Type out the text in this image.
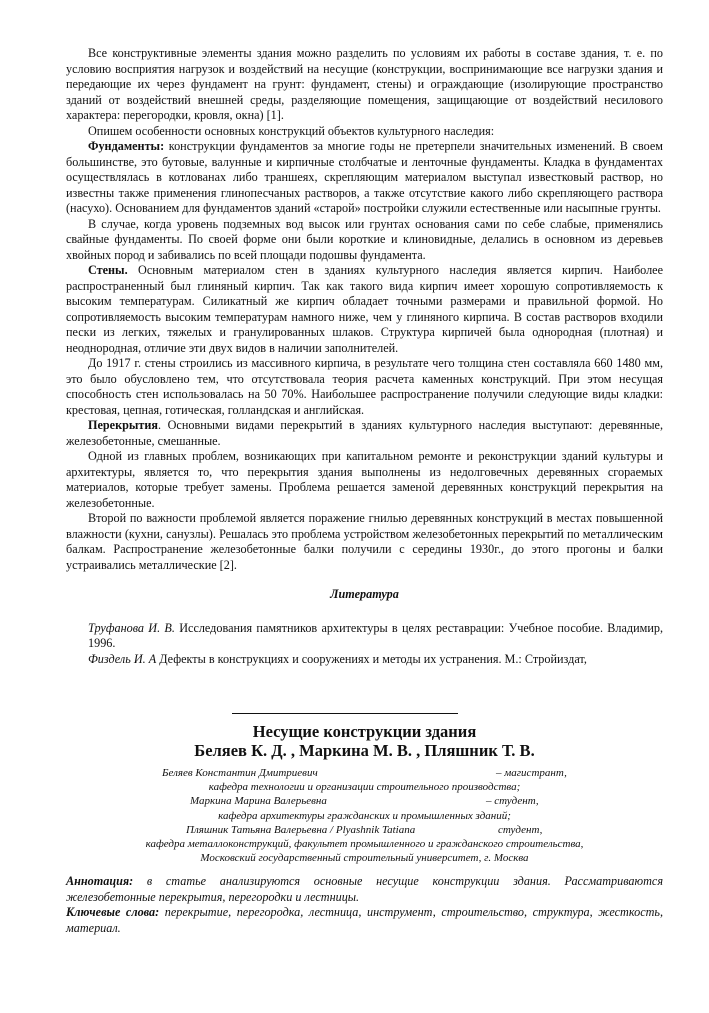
Все конструктивные элементы здания можно разделить по условиям их работы в составе здания, т. е. по условию восприятия нагрузок и воздействий на несущие (конструкции, воспринимающие все нагрузки здания и передающие их через фундамент на грунт: фундамент, стены) и ограждающие (изолирующие пространство зданий от воздействий внешней среды, разделяющие помещения, защищающие от воздействий несилового характера: перегородки, кровля, окна) [1].

Опишем особенности основных конструкций объектов культурного наследия:

Фундаменты: конструкции фундаментов за многие годы не претерпели значительных изменений. В своем большинстве, это бутовые, валунные и кирпичные столбчатые и ленточные фундаменты. Кладка в фундаментах осуществлялась в котлованах либо траншеях, скрепляющим материалом выступал известковый раствор, но известны также применения глинопесчаных растворов, а также отсутствие какого либо скрепляющего раствора (насухо). Основанием для фундаментов зданий «старой» постройки служили естественные или насыпные грунты.

В случае, когда уровень подземных вод высок или грунтах основания сами по себе слабые, применялись свайные фундаменты. По своей форме они были короткие и клиновидные, делались в основном из деревьев хвойных пород и забивались по всей площади подошвы фундамента.

Стены. Основным материалом стен в зданиях культурного наследия является кирпич. Наиболее распространенный был глиняный кирпич. Так как такого вида кирпич имеет хорошую сопротивляемость к высоким температурам. Силикатный же кирпич обладает точными размерами и правильной формой. Но сопротивляемость высоким температурам намного ниже, чем у глиняного кирпича. В состав растворов входили пески из легких, тяжелых и гранулированных шлаков. Структура кирпичей была однородная (плотная) и неоднородная, отличие эти двух видов в наличии заполнителей.

До 1917 г. стены строились из массивного кирпича, в результате чего толщина стен составляла 660 1480 мм, это было обусловлено тем, что отсутствовала теория расчета каменных конструкций. При этом несущая способность стен использовалась на 50 70%. Наибольшее распространение получили следующие виды кладки: крестовая, цепная, готическая, голландская и английская.

Перекрытия. Основными видами перекрытий в зданиях культурного наследия выступают: деревянные, железобетонные, смешанные.

Одной из главных проблем, возникающих при капитальном ремонте и реконструкции зданий культуры и архитектуры, является то, что перекрытия здания выполнены из недолговечных деревянных сгораемых материалов, которые требует замены. Проблема решается заменой деревянных конструкций перекрытия на железобетонные.

Второй по важности проблемой является поражение гнилью деревянных конструкций в местах повышенной влажности (кухни, санузлы). Решалась это проблема устройством железобетонных перекрытий по металлическим балкам. Распространение железобетонные балки получили с середины 1930г., до этого прогоны и балки устраивались металлические [2].

Литература

Труфанова И. В. Исследования памятников архитектуры в целях реставрации: Учебное пособие. Владимир, 1996.

Физдель И. А Дефекты в конструкциях и сооружениях и методы их устранения. М.: Стройиздат,

Несущие конструкции здания
Беляев К. Д. , Маркина М. В. , Пляшник Т. В.
Беляев Константин Дмитриевич	– магистрант,
кафедра технологии и организации строительного производства;
Маркина Марина Валерьевна	– студент,
кафедра архитектуры гражданских и промышленных зданий;
Пляшник Татьяна Валерьевна / Plyashnik Tatiana	студент,
кафедра металлоконструкций, факультет промышленного и гражданского строительства,
Московский государственный строительный университет, г. Москва

Аннотация: в статье анализируются основные несущие конструкции здания. Рассматриваются железобетонные перекрытия, перегородки и лестницы.

Ключевые слова: перекрытие, перегородка, лестница, инструмент, строительство, структура, жесткость, материал.
